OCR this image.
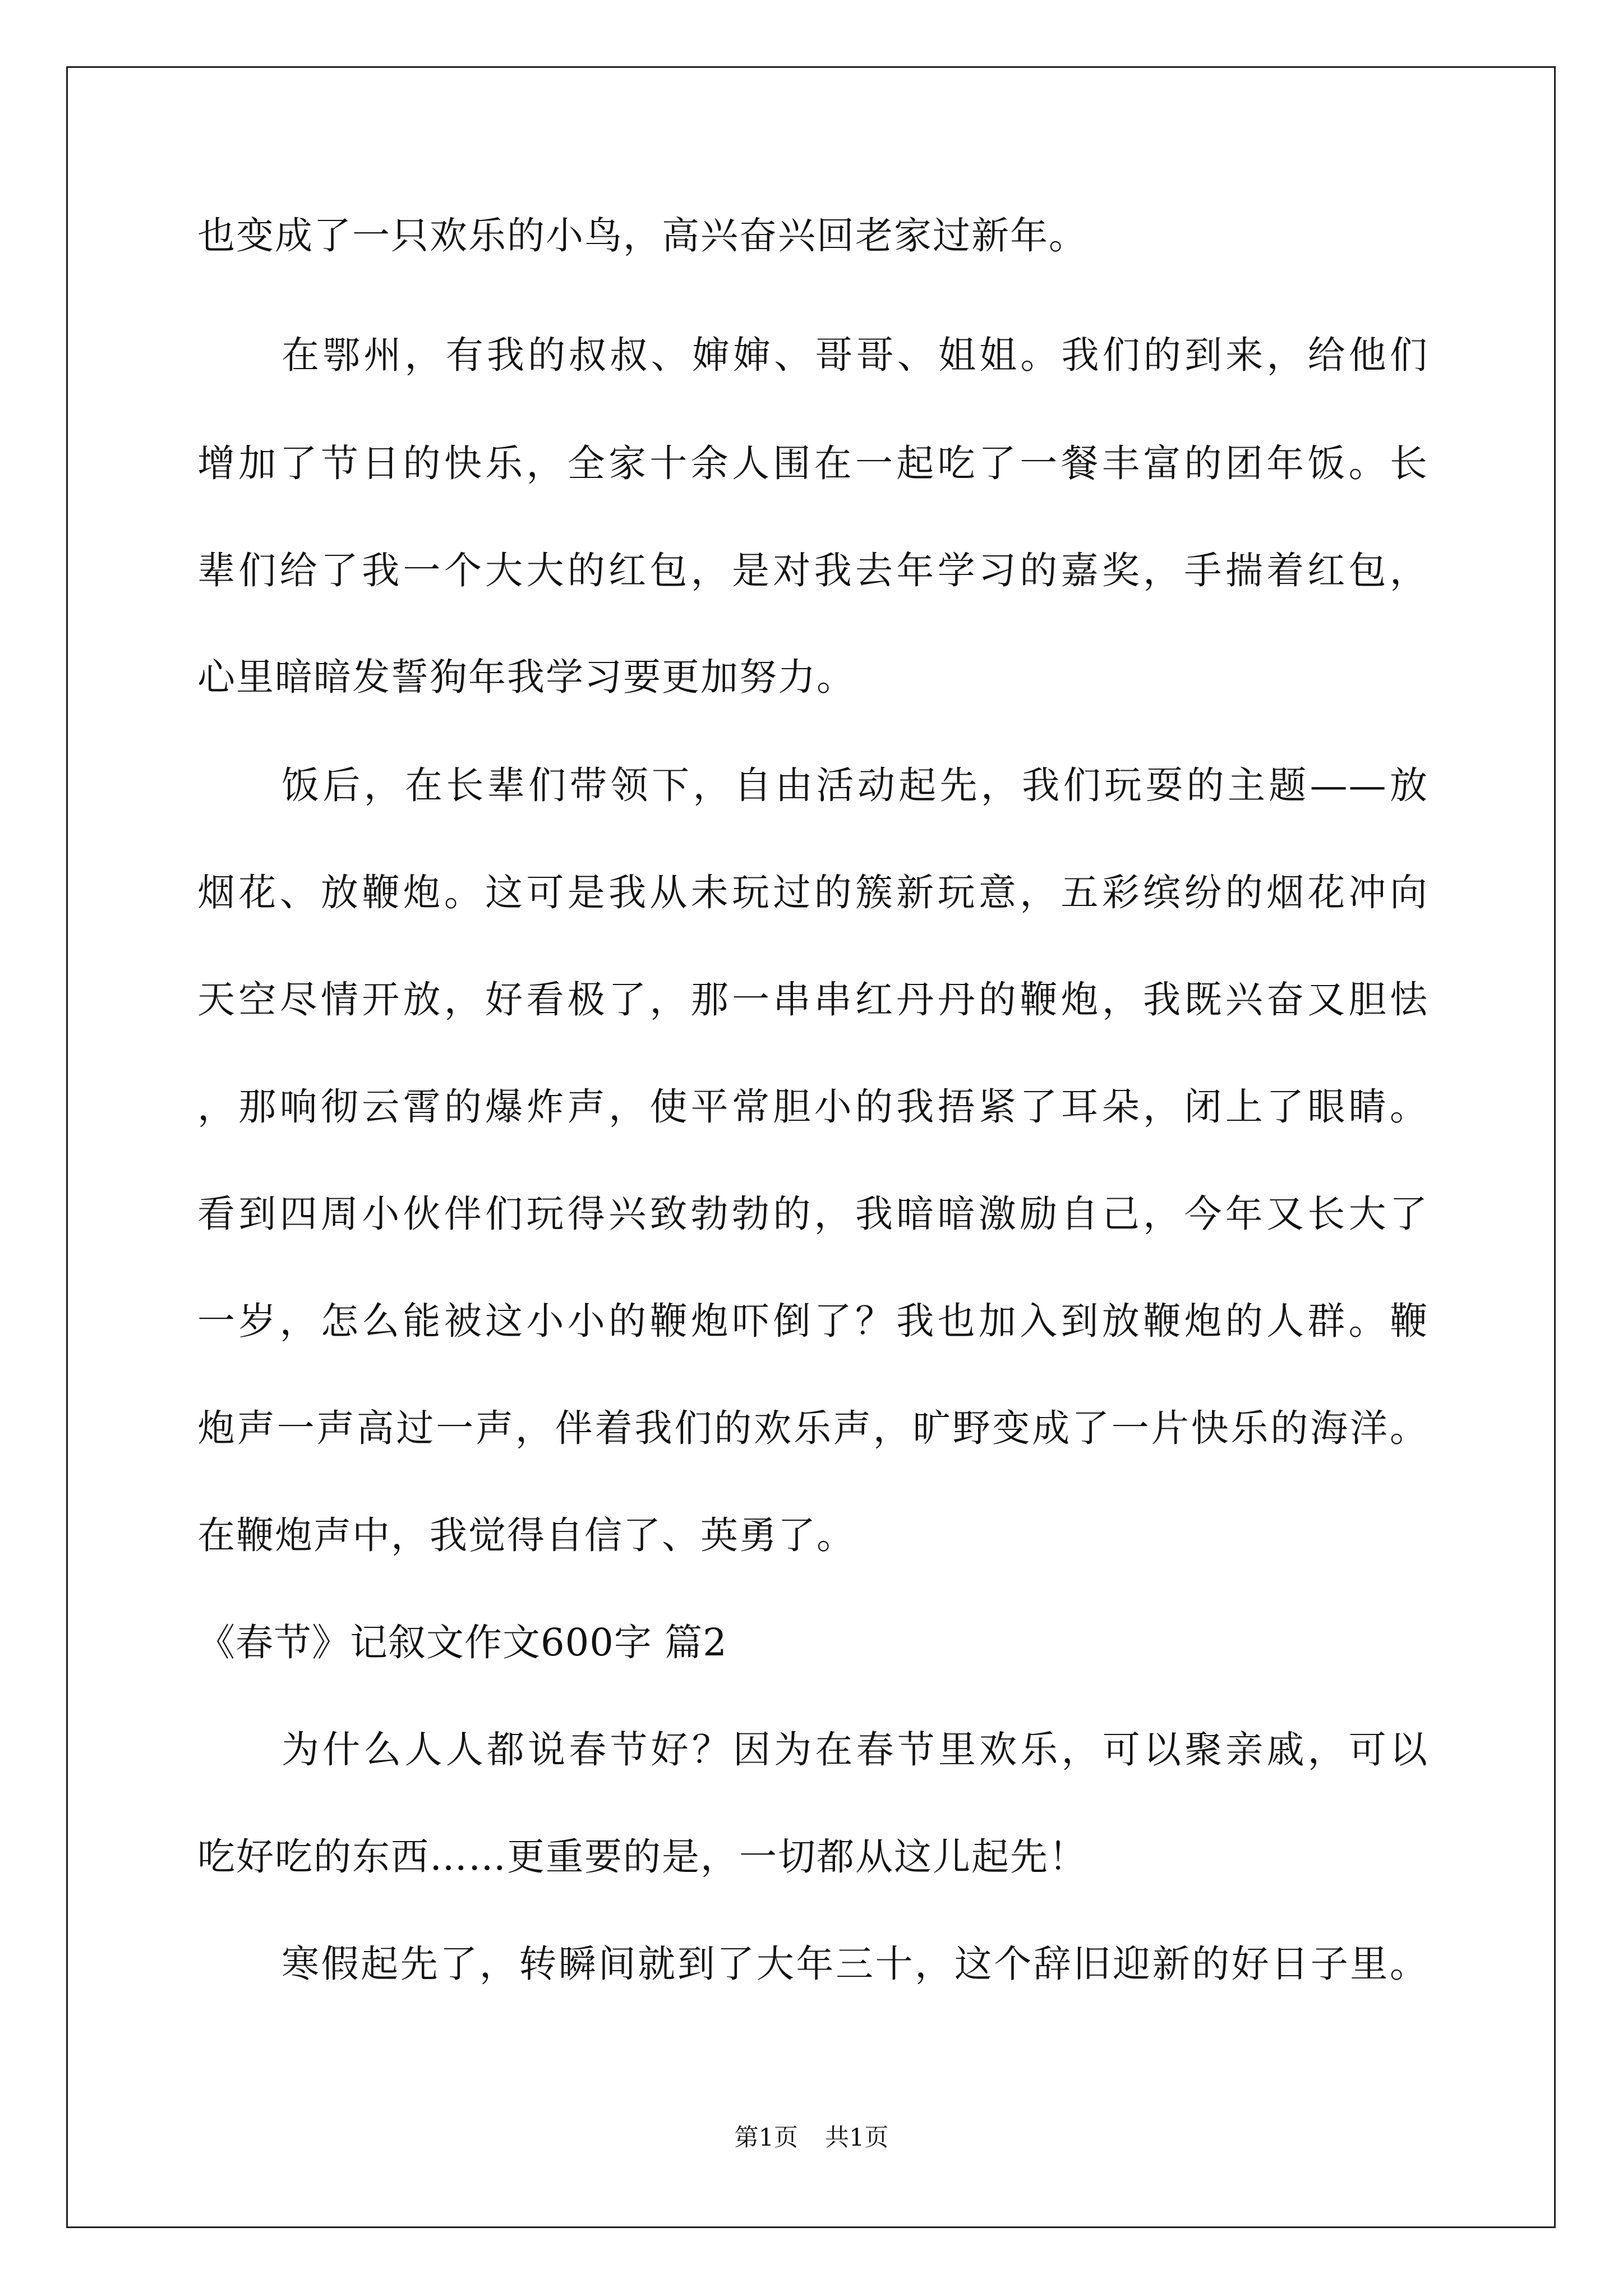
也变成了一只欢乐的小鸟，高兴奋兴回老家过新年。
在鄂州，有我的叔叔、婶婶、哥哥、姐姐。我们的到来，给他们
增加了节日的快乐，全家十余人围在一起吃了一餐丰富的团年饭。长
辈们给了我一个大大的红包，是对我去年学习的嘉奖，手揣着红包，
心里暗暗发誓狗年我学习要更加努力。
饭后，在长辈们带领下，自由活动起先，我们玩耍的主题——放
烟花、放鞭炮。这可是我从未玩过的簇新玩意，五彩缤纷的烟花冲向
天空尽情开放，好看极了，那一串串红丹丹的鞭炮，我既兴奋又胆怯
，那响彻云霄的爆炸声，使平常胆小的我捂紧了耳朵，闭上了眼睛。
看到四周小伙伴们玩得兴致勃勃的，我暗暗激励自己，今年又长大了
一岁，怎么能被这小小的鞭炮吓倒了？我也加入到放鞭炮的人群。鞭
炮声一声高过一声，伴着我们的欢乐声，旷野变成了一片快乐的海洋。
在鞭炮声中，我觉得自信了、英勇了。
《春节》记叙文作文600字 篇2
为什么人人都说春节好？因为在春节里欢乐，可以聚亲戚，可以
吃好吃的东西……更重要的是，一切都从这儿起先！
寒假起先了，转瞬间就到了大年三十，这个辞旧迎新的好日子里。
第1页 共1页
